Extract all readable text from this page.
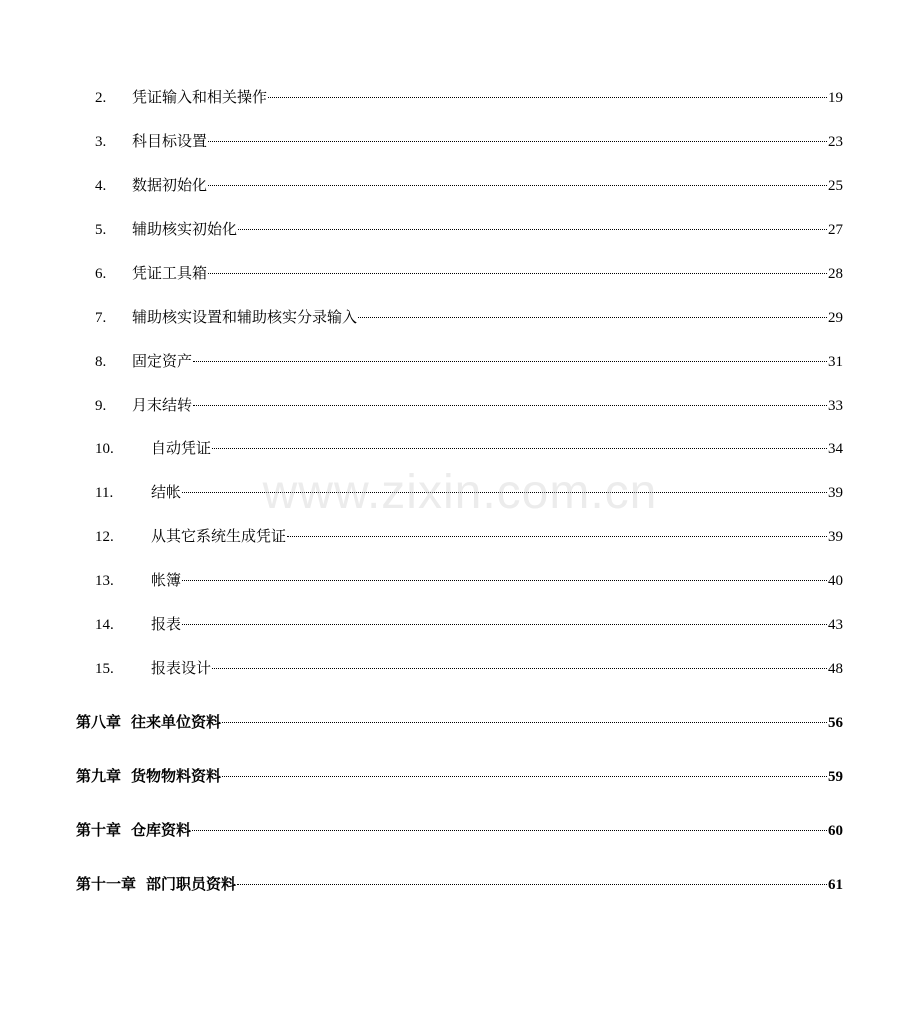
2. 凭证输入和相关操作	19
3. 科目标设置	23
4. 数据初始化	25
5. 辅助核实初始化	27
6. 凭证工具箱	28
7. 辅助核实设置和辅助核实分录输入	29
8. 固定资产	31
9. 月末结转	33
10. 自动凭证	34
11.	结帐	39
12. 从其它系统生成凭证	39
13. 帐簿	40
14. 报表	43
15. 报表设计	48
第八章 往来单位资料	56
第九章 货物物料资料	59
第十章 仓库资料	60
第十一章 部门职员资料	61
www.zixin.com.cn
